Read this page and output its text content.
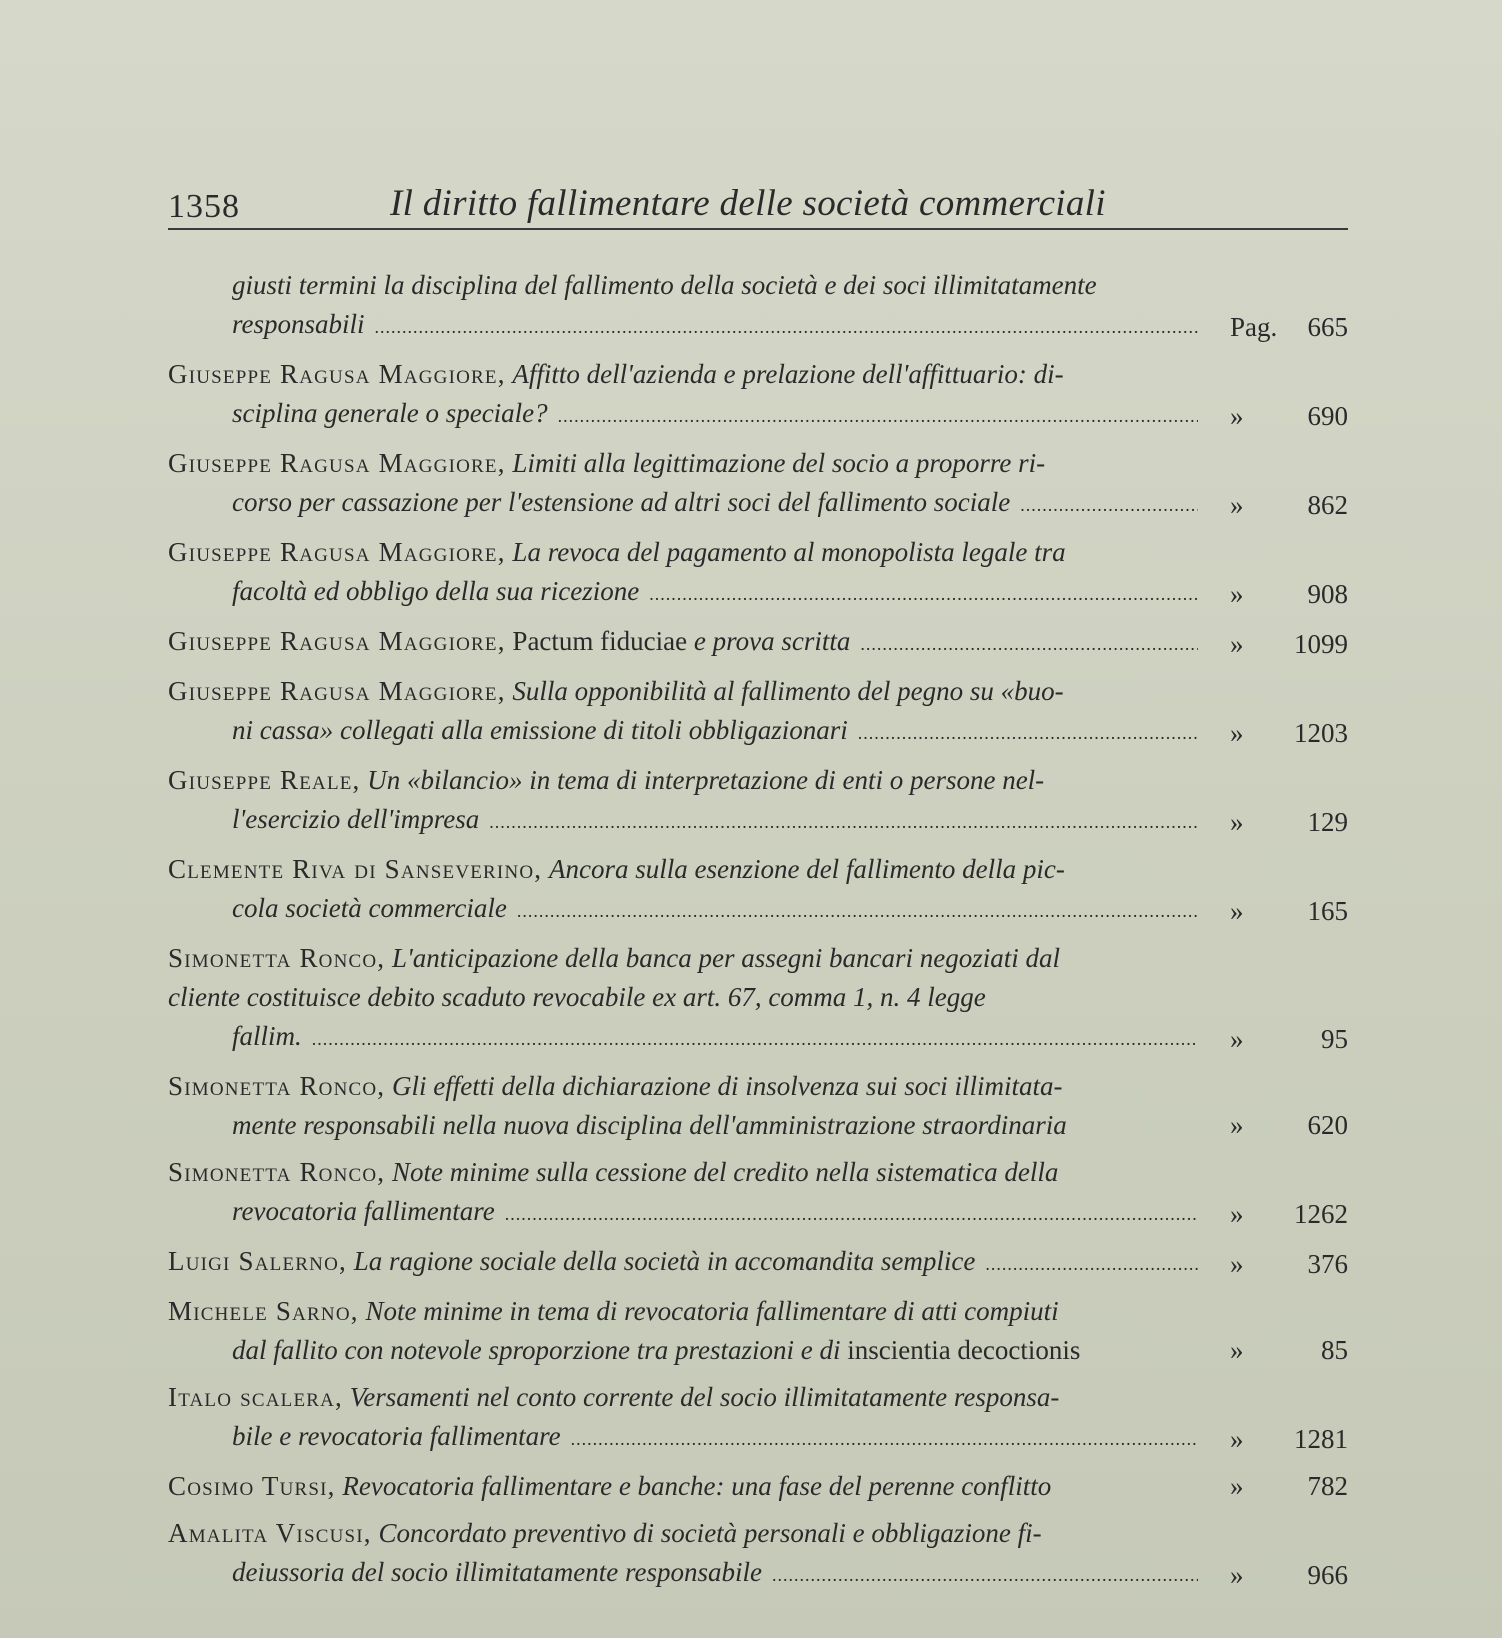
1358	Il diritto fallimentare delle società commerciali
giusti termini la disciplina del fallimento della società e dei soci illimitatamente
responsabili .....	Pag. 665
Giuseppe Ragusa Maggiore, Affitto dell'azienda e prelazione dell'affittuario: di-
sciplina generale o speciale? .....	» 690
Giuseppe Ragusa Maggiore, Limiti alla legittimazione del socio a proporre ri-
corso per cassazione per l'estensione ad altri soci del fallimento sociale .....	» 862
Giuseppe Ragusa Maggiore, La revoca del pagamento al monopolista legale tra
facoltà ed obbligo della sua ricezione .....	» 908
Giuseppe Ragusa Maggiore,
Pactum fiduciae
e prova scritta .....	» 1099
Giuseppe Ragusa Maggiore, Sulla opponibilità al fallimento del pegno su «buo-
ni cassa» collegati alla emissione di titoli obbligazionari .....	» 1203
Giuseppe Reale, Un «bilancio» in tema di interpretazione di enti o persone nel-
l'esercizio dell'impresa .....	» 129
Clemente Riva di Sanseverino, Ancora sulla esenzione del fallimento della pic-
cola società commerciale .....	» 165
Simonetta Ronco, L'anticipazione della banca per assegni bancari negoziati dal

cliente costituisce debito scaduto revocabile ex art. 67, comma 1, n. 4 legge
fallim. .....	»	95
Simonetta Ronco, Gli effetti della dichiarazione di insolvenza sui soci illimitata-
mente responsabili nella nuova disciplina dell'amministrazione straordinaria	» 620
Simonetta Ronco, Note minime sulla cessione del credito nella sistematica della
revocatoria fallimentare .....	» 1262
Luigi Salerno,
La ragione sociale della società in accomandita semplice .....	» 376
Michele Sarno, Note minime in tema di revocatoria fallimentare di atti compiuti
dal fallito con notevole sproporzione tra prestazioni e di
inscientia decoctionis	»	85
Italo scalera, Versamenti nel conto corrente del socio illimitatamente responsa-
bile e revocatoria fallimentare .....	» 1281
Cosimo Tursi,
Revocatoria fallimentare e banche: una fase del perenne conflitto	» 782
Amalita Viscusi, Concordato preventivo di società personali e obbligazione fi-
deiussoria del socio illimitatamente responsabile .....	» 966
